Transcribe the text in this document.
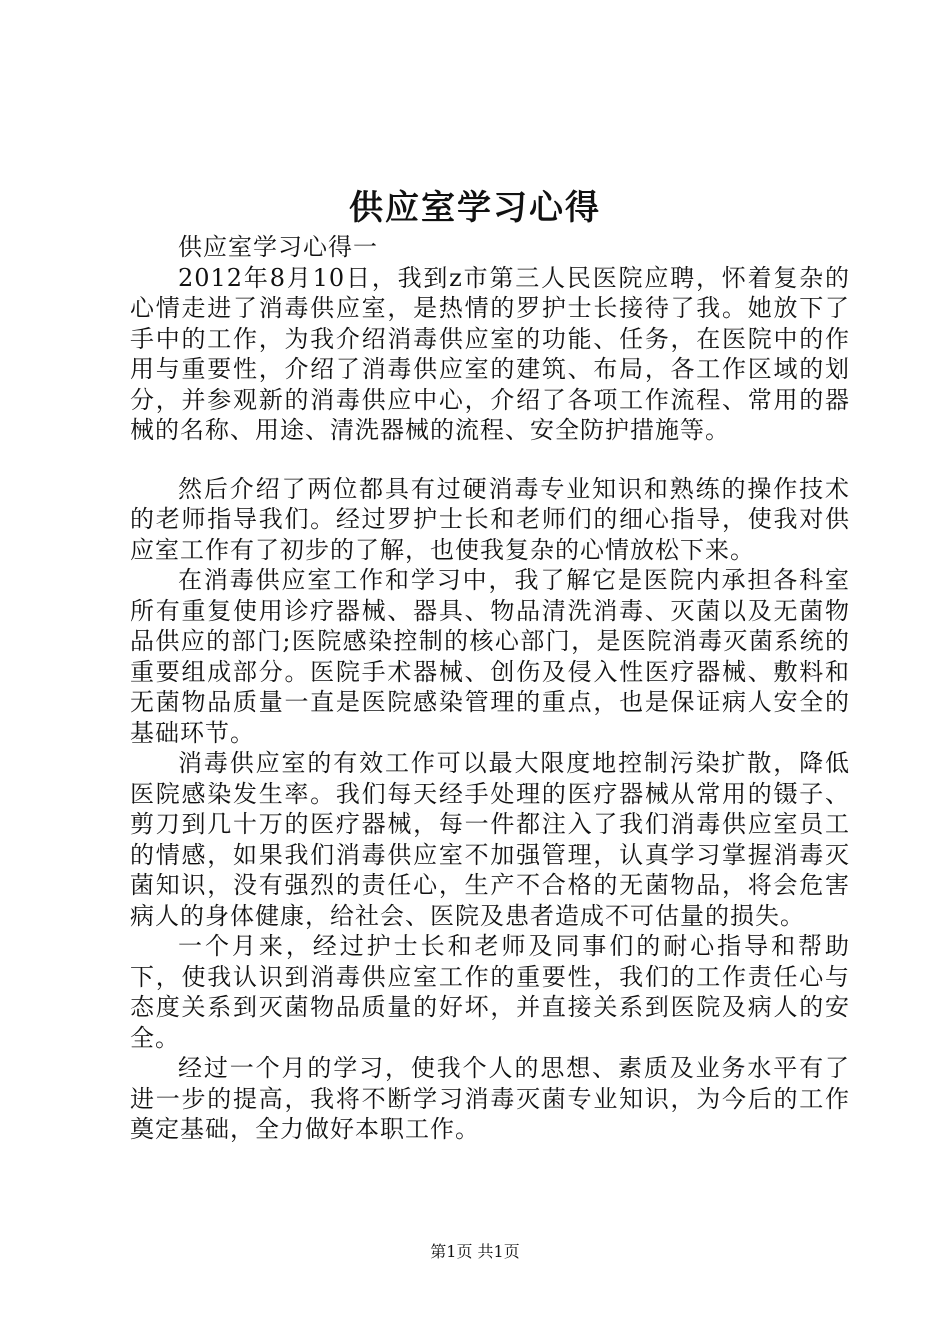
供应室学习心得

供应室学习心得一

2012年8月10日，我到z市第三人民医院应聘，怀着复杂的心情走进了消毒供应室，是热情的罗护士长接待了我。她放下了手中的工作，为我介绍消毒供应室的功能、任务，在医院中的作用与重要性，介绍了消毒供应室的建筑、布局，各工作区域的划分，并参观新的消毒供应中心，介绍了各项工作流程、常用的器械的名称、用途、清洗器械的流程、安全防护措施等。

然后介绍了两位都具有过硬消毒专业知识和熟练的操作技术的老师指导我们。经过罗护士长和老师们的细心指导，使我对供应室工作有了初步的了解，也使我复杂的心情放松下来。

在消毒供应室工作和学习中，我了解它是医院内承担各科室所有重复使用诊疗器械、器具、物品清洗消毒、灭菌以及无菌物品供应的部门;医院感染控制的核心部门，是医院消毒灭菌系统的重要组成部分。医院手术器械、创伤及侵入性医疗器械、敷料和无菌物品质量一直是医院感染管理的重点，也是保证病人安全的基础环节。

消毒供应室的有效工作可以最大限度地控制污染扩散，降低医院感染发生率。我们每天经手处理的医疗器械从常用的镊子、剪刀到几十万的医疗器械，每一件都注入了我们消毒供应室员工的情感，如果我们消毒供应室不加强管理，认真学习掌握消毒灭菌知识，没有强烈的责任心，生产不合格的无菌物品，将会危害病人的身体健康，给社会、医院及患者造成不可估量的损失。

一个月来，经过护士长和老师及同事们的耐心指导和帮助下，使我认识到消毒供应室工作的重要性，我们的工作责任心与态度关系到灭菌物品质量的好坏，并直接关系到医院及病人的安全。

经过一个月的学习，使我个人的思想、素质及业务水平有了进一步的提高，我将不断学习消毒灭菌专业知识，为今后的工作奠定基础，全力做好本职工作。

第1页 共1页
